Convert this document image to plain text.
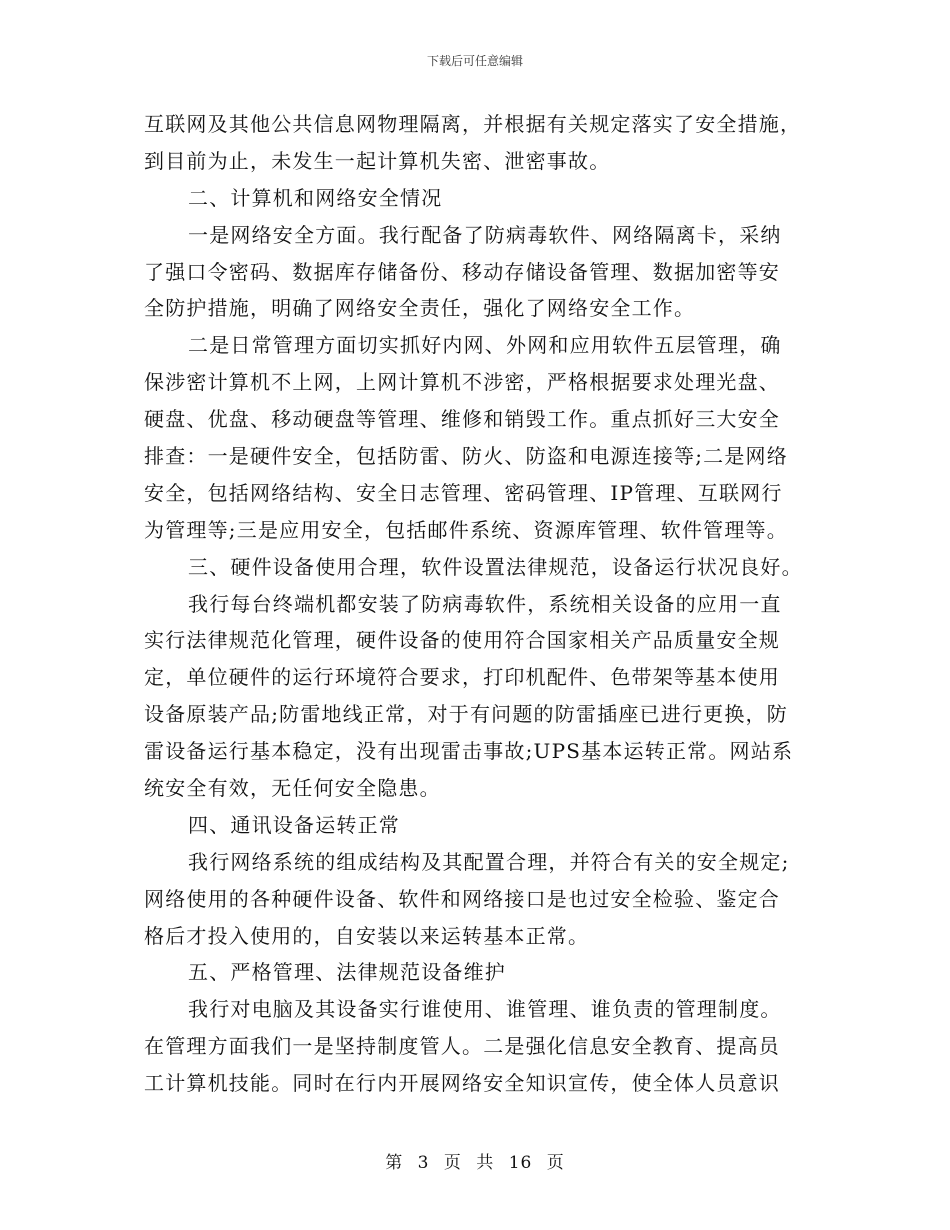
下载后可任意编辑
互联网及其他公共信息网物理隔离，并根据有关规定落实了安全措施，
到目前为止，未发生一起计算机失密、泄密事故。
二、计算机和网络安全情况
一是网络安全方面。我行配备了防病毒软件、网络隔离卡，采纳
了强口令密码、数据库存储备份、移动存储设备管理、数据加密等安
全防护措施，明确了网络安全责任，强化了网络安全工作。
二是日常管理方面切实抓好内网、外网和应用软件五层管理，确
保涉密计算机不上网，上网计算机不涉密，严格根据要求处理光盘、
硬盘、优盘、移动硬盘等管理、维修和销毁工作。重点抓好三大安全
排查：一是硬件安全，包括防雷、防火、防盗和电源连接等;二是网络
安全，包括网络结构、安全日志管理、密码管理、IP管理、互联网行
为管理等;三是应用安全，包括邮件系统、资源库管理、软件管理等。
三、硬件设备使用合理，软件设置法律规范，设备运行状况良好。
我行每台终端机都安装了防病毒软件，系统相关设备的应用一直
实行法律规范化管理，硬件设备的使用符合国家相关产品质量安全规
定，单位硬件的运行环境符合要求，打印机配件、色带架等基本使用
设备原装产品;防雷地线正常，对于有问题的防雷插座已进行更换，防
雷设备运行基本稳定，没有出现雷击事故;UPS基本运转正常。网站系
统安全有效，无任何安全隐患。
四、通讯设备运转正常
我行网络系统的组成结构及其配置合理，并符合有关的安全规定;
网络使用的各种硬件设备、软件和网络接口是也过安全检验、鉴定合
格后才投入使用的，自安装以来运转基本正常。
五、严格管理、法律规范设备维护
我行对电脑及其设备实行谁使用、谁管理、谁负责的管理制度。
在管理方面我们一是坚持制度管人。二是强化信息安全教育、提高员
工计算机技能。同时在行内开展网络安全知识宣传，使全体人员意识
第 3 页 共 16 页
